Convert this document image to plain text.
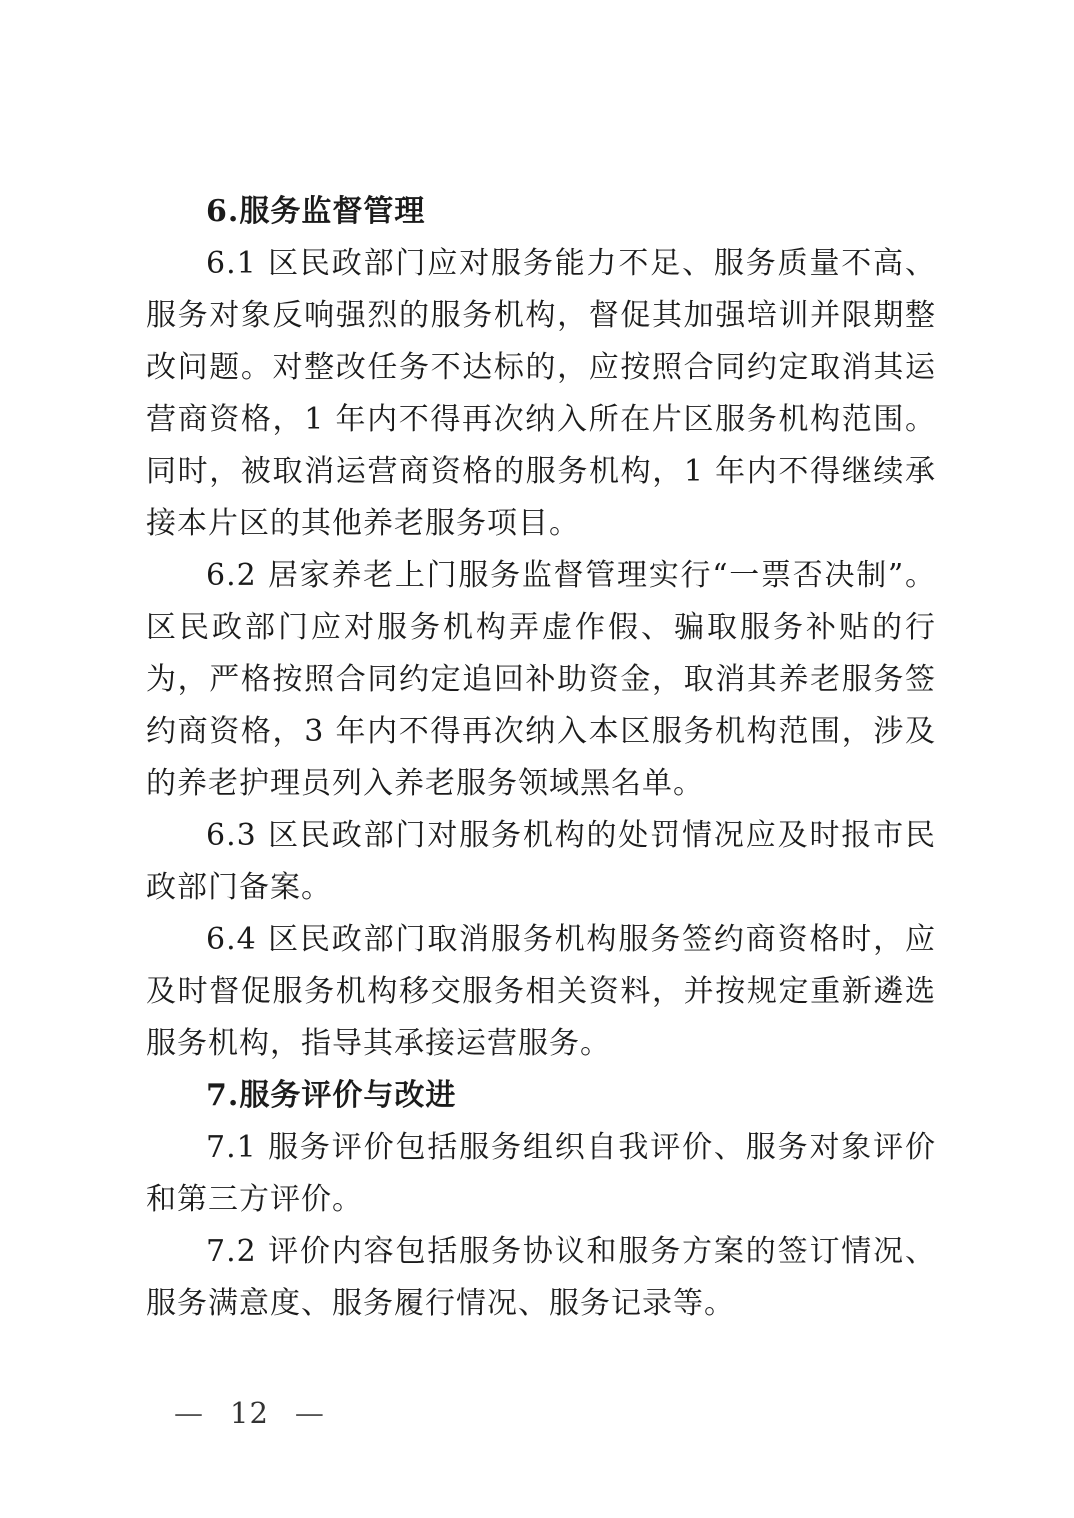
6.服务监督管理

6.1 区民政部门应对服务能力不足、服务质量不高、服务对象反响强烈的服务机构，督促其加强培训并限期整改问题。对整改任务不达标的，应按照合同约定取消其运营商资格，1 年内不得再次纳入所在片区服务机构范围。同时，被取消运营商资格的服务机构，1 年内不得继续承接本片区的其他养老服务项目。

6.2 居家养老上门服务监督管理实行“一票否决制”。区民政部门应对服务机构弄虚作假、骗取服务补贴的行为，严格按照合同约定追回补助资金，取消其养老服务签约商资格，3 年内不得再次纳入本区服务机构范围，涉及的养老护理员列入养老服务领域黑名单。

6.3 区民政部门对服务机构的处罚情况应及时报市民政部门备案。

6.4 区民政部门取消服务机构服务签约商资格时，应及时督促服务机构移交服务相关资料，并按规定重新遴选服务机构，指导其承接运营服务。

7.服务评价与改进

7.1 服务评价包括服务组织自我评价、服务对象评价和第三方评价。

7.2 评价内容包括服务协议和服务方案的签订情况、服务满意度、服务履行情况、服务记录等。

— 12 —
